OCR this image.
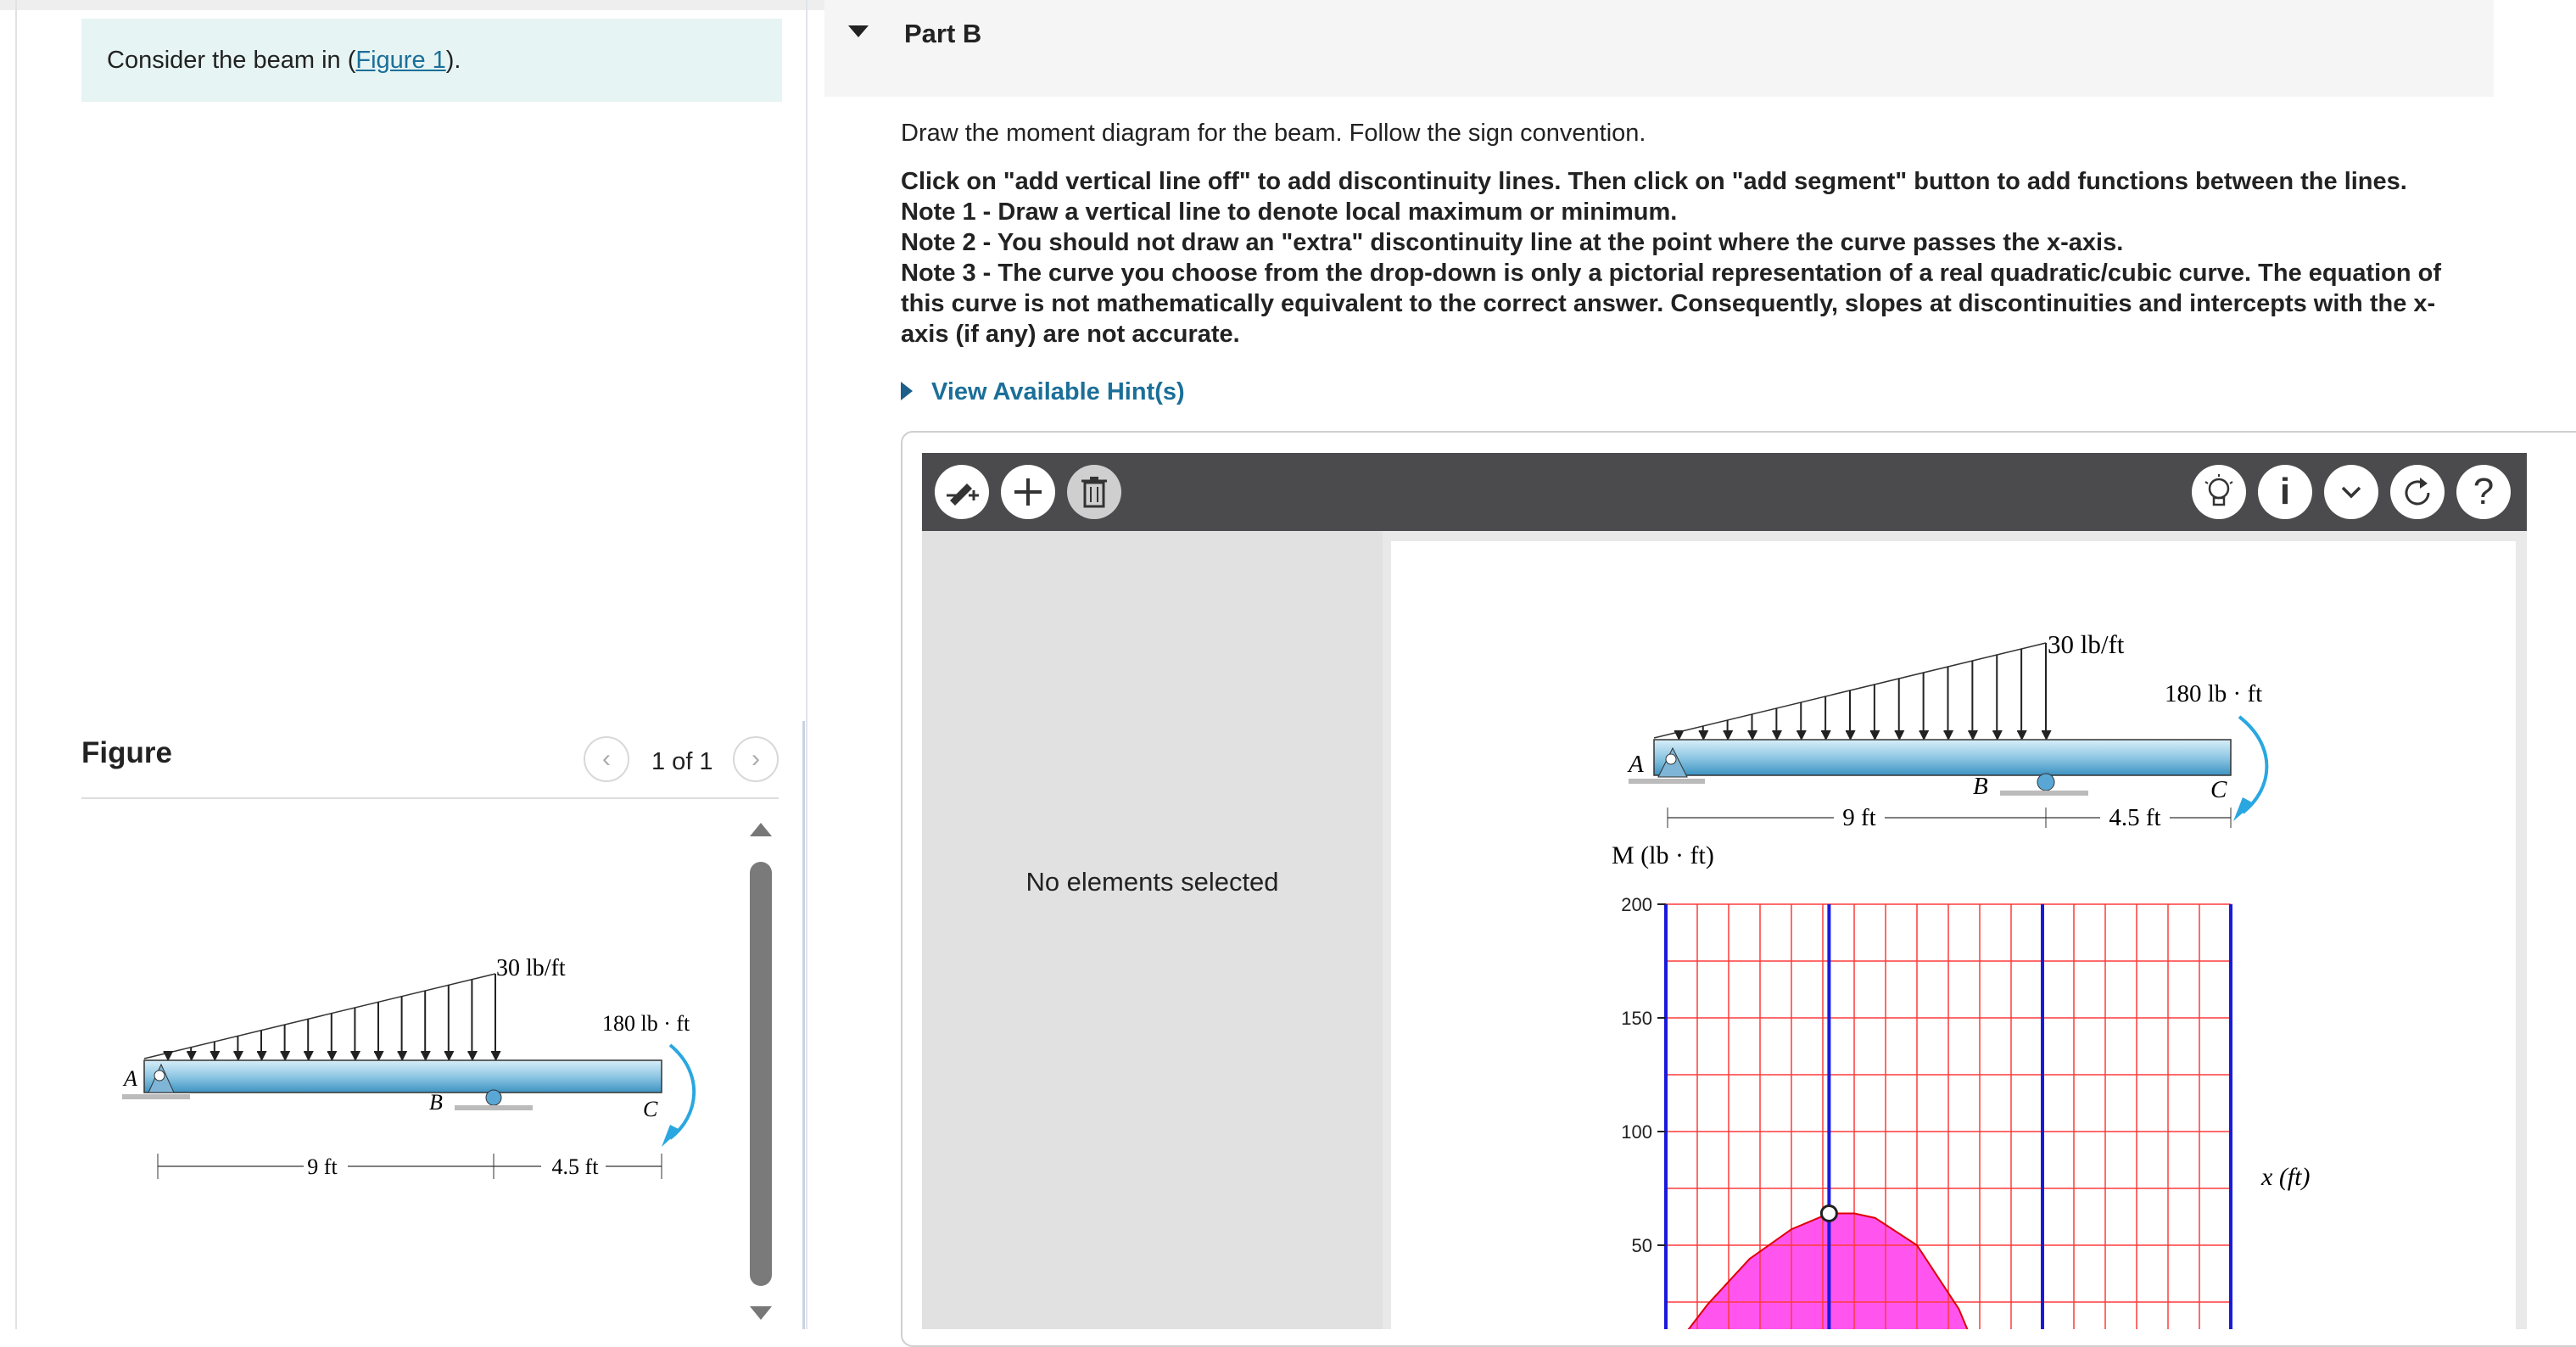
Consider the beam in (Figure 1).
Figure	‹ 1 of 1 ›
30 lb/ft
180 lb · ft
A
B	C
9 ft	4.5 ft
Part B
Draw the moment diagram for the beam. Follow the sign convention.
Click on "add vertical line off" to add discontinuity lines. Then click on "add segment" button to add functions between the lines.
Note 1 - Draw a vertical line to denote local maximum or minimum.
Note 2 - You should not draw an "extra" discontinuity line at the point where the curve passes the x-axis.
Note 3 - The curve you choose from the drop-down is only a pictorial representation of a real quadratic/cubic curve. The equation of this curve is not mathematically equivalent to the correct answer. Consequently, slopes at discontinuities and intercepts with the x-axis (if any) are not accurate.
View Available Hint(s)
i	?
No elements selected
30 lb/ft
180 lb · ft
A
B	C
9 ft	4.5 ft
M (lb · ft)
x (ft)
200
150
100
50
